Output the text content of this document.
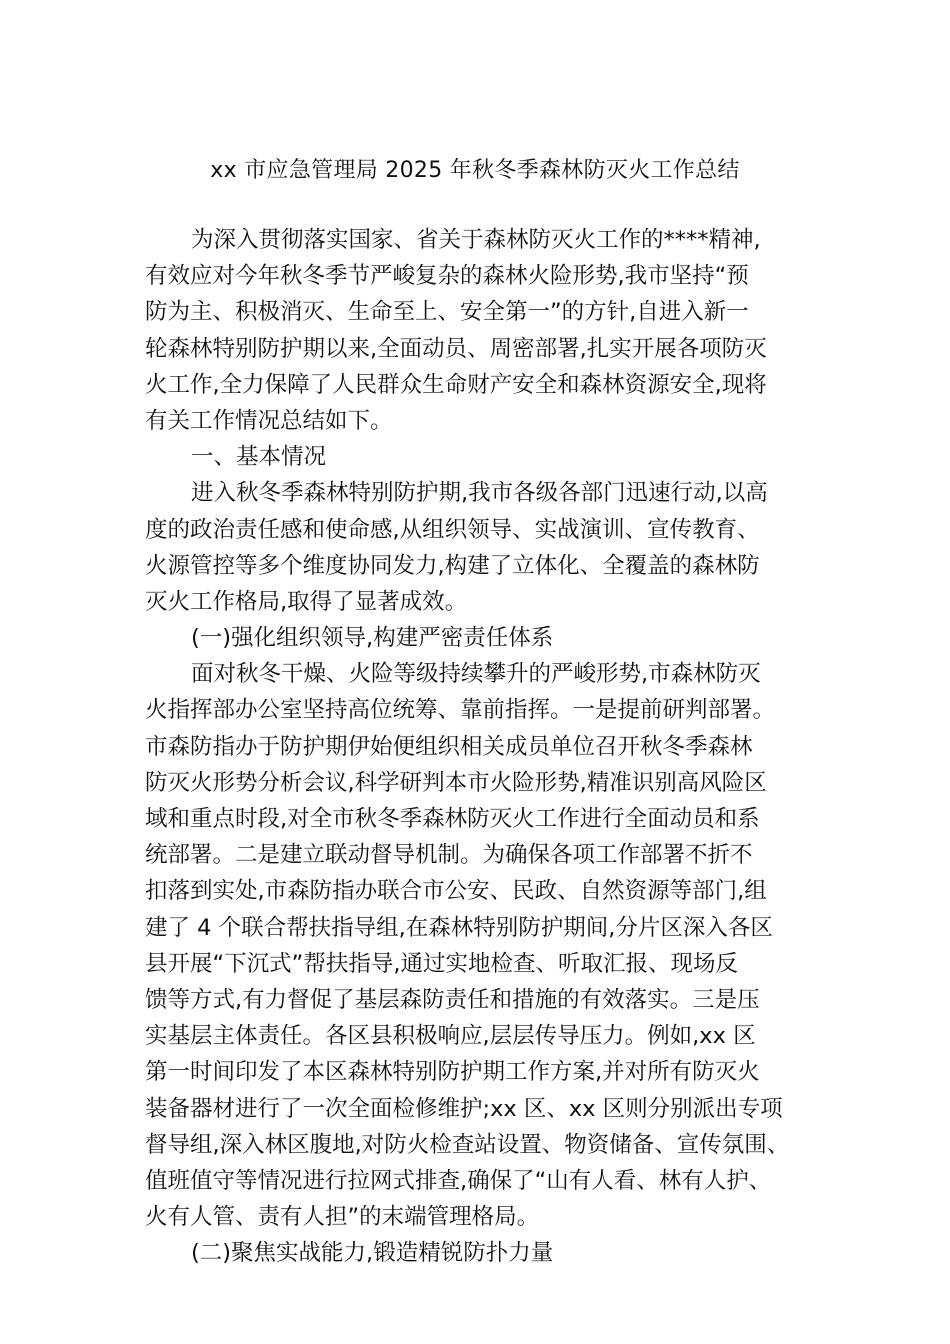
xx 市应急管理局 2025 年秋冬季森林防灭火工作总结
为深入贯彻落实国家、省关于森林防灭火工作的****精神,
有效应对今年秋冬季节严峻复杂的森林火险形势,我市坚持“预
防为主、积极消灭、生命至上、安全第一”的方针,自进入新一
轮森林特别防护期以来,全面动员、周密部署,扎实开展各项防灭
火工作,全力保障了人民群众生命财产安全和森林资源安全,现将
有关工作情况总结如下。
一、基本情况
进入秋冬季森林特别防护期,我市各级各部门迅速行动,以高
度的政治责任感和使命感,从组织领导、实战演训、宣传教育、
火源管控等多个维度协同发力,构建了立体化、全覆盖的森林防
灭火工作格局,取得了显著成效。
(一)强化组织领导,构建严密责任体系
面对秋冬干燥、火险等级持续攀升的严峻形势,市森林防灭
火指挥部办公室坚持高位统筹、靠前指挥。一是提前研判部署。
市森防指办于防护期伊始便组织相关成员单位召开秋冬季森林
防灭火形势分析会议,科学研判本市火险形势,精准识别高风险区
域和重点时段,对全市秋冬季森林防灭火工作进行全面动员和系
统部署。二是建立联动督导机制。为确保各项工作部署不折不
扣落到实处,市森防指办联合市公安、民政、自然资源等部门,组
建了 4 个联合帮扶指导组,在森林特别防护期间,分片区深入各区
县开展“下沉式”帮扶指导,通过实地检查、听取汇报、现场反
馈等方式,有力督促了基层森防责任和措施的有效落实。三是压
实基层主体责任。各区县积极响应,层层传导压力。例如,xx 区
第一时间印发了本区森林特别防护期工作方案,并对所有防灭火
装备器材进行了一次全面检修维护;xx 区、xx 区则分别派出专项
督导组,深入林区腹地,对防火检查站设置、物资储备、宣传氛围、
值班值守等情况进行拉网式排查,确保了“山有人看、林有人护、
火有人管、责有人担”的末端管理格局。
(二)聚焦实战能力,锻造精锐防扑力量
